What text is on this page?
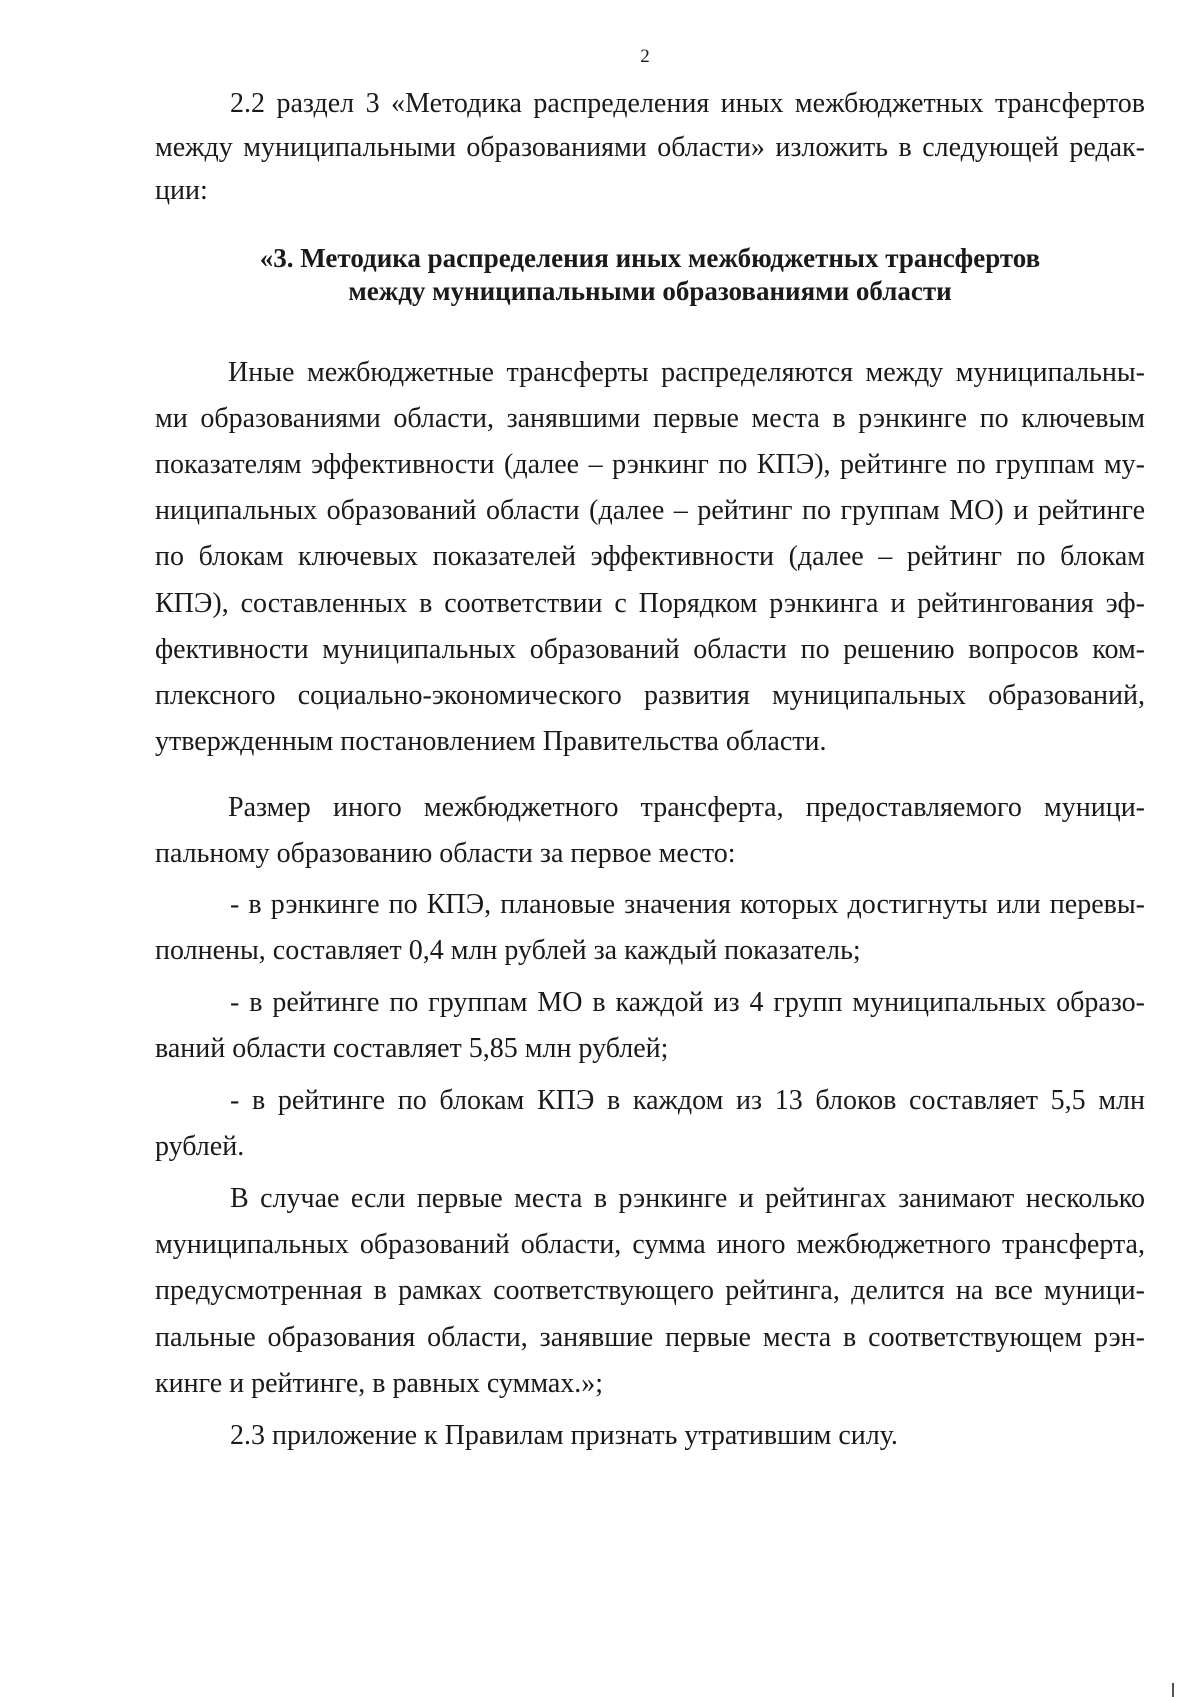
2
2.2 раздел 3 «Методика распределения иных межбюджетных трансфертов
между муниципальными образованиями области» изложить в следующей редак-
ции:
«3. Методика распределения иных межбюджетных трансфертов
между муниципальными образованиями области
Иные межбюджетные трансферты распределяются между муниципальны-
ми образованиями области, занявшими первые места в рэнкинге по ключевым
показателям эффективности (далее – рэнкинг по КПЭ), рейтинге по группам му-
ниципальных образований области (далее – рейтинг по группам МО) и рейтинге
по блокам ключевых показателей эффективности (далее – рейтинг по блокам
КПЭ), составленных в соответствии с Порядком рэнкинга и рейтингования эф-
фективности муниципальных образований области по решению вопросов ком-
плексного социально-экономического развития муниципальных образований,
утвержденным постановлением Правительства области.
Размер иного межбюджетного трансферта, предоставляемого муници-
пальному образованию области за первое место:
- в рэнкинге по КПЭ, плановые значения которых достигнуты или перевы-
полнены, составляет 0,4 млн рублей за каждый показатель;
- в рейтинге по группам МО в каждой из 4 групп муниципальных образо-
ваний области составляет 5,85 млн рублей;
- в рейтинге по блокам КПЭ в каждом из 13 блоков составляет 5,5 млн
рублей.
В случае если первые места в рэнкинге и рейтингах занимают несколько
муниципальных образований области, сумма иного межбюджетного трансферта,
предусмотренная в рамках соответствующего рейтинга, делится на все муници-
пальные образования области, занявшие первые места в соответствующем рэн-
кинге и рейтинге, в равных суммах.»;
2.3 приложение к Правилам признать утратившим силу.
